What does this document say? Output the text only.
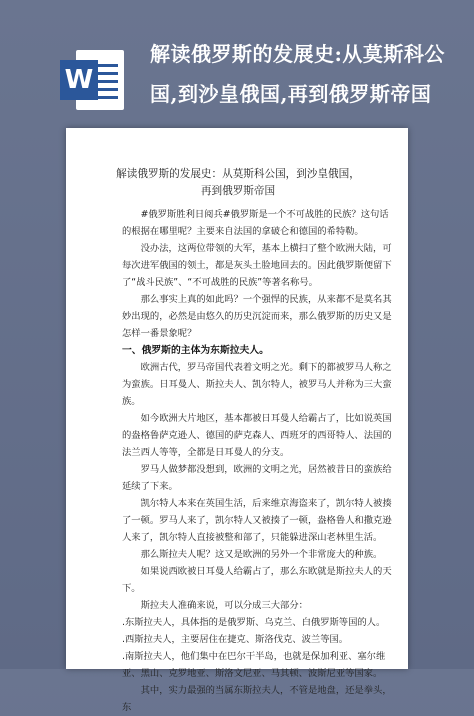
W
解读俄罗斯的发展史:从莫斯科公国,到沙皇俄国,再到俄罗斯帝国
解读俄罗斯的发展史：从莫斯科公国，到沙皇俄国，再到俄罗斯帝国

#俄罗斯胜利日阅兵#俄罗斯是一个不可战胜的民族？这句话的根据在哪里呢？主要来自法国的拿破仑和德国的希特勒。

没办法，这两位带领的大军，基本上横扫了整个欧洲大陆，可每次进军俄国的领土，都是灰头土脸地回去的。因此俄罗斯便留下了“战斗民族”、“不可战胜的民族”等著名称号。

那么事实上真的如此吗？一个强悍的民族，从来都不是莫名其妙出现的，必然是由悠久的历史沉淀而来，那么俄罗斯的历史又是怎样一番景象呢？

一、俄罗斯的主体为东斯拉夫人。

欧洲古代，罗马帝国代表着文明之光。剩下的都被罗马人称之为蛮族。日耳曼人、斯拉夫人、凯尔特人，被罗马人并称为三大蛮族。

如今欧洲大片地区，基本都被日耳曼人给霸占了，比如说英国的盎格鲁萨克逊人、德国的萨克森人、西班牙的西哥特人、法国的法兰西人等等，全都是日耳曼人的分支。

罗马人做梦都没想到，欧洲的文明之光，居然被昔日的蛮族给延续了下来。

凯尔特人本来在英国生活，后来维京海盗来了，凯尔特人被揍了一顿。罗马人来了，凯尔特人又被揍了一顿，盎格鲁人和撒克逊人来了，凯尔特人直接被整和部了，只能躲进深山老林里生活。

那么斯拉夫人呢？这又是欧洲的另外一个非常庞大的种族。

如果说西欧被日耳曼人给霸占了，那么东欧就是斯拉夫人的天下。

斯拉夫人准确来说，可以分成三大部分：

.东斯拉夫人，具体指的是俄罗斯、乌克兰、白俄罗斯等国的人。

.西斯拉夫人，主要居住在捷克、斯洛伐克、波兰等国。

.南斯拉夫人，他们集中在巴尔干半岛，也就是保加利亚、塞尔维亚、黑山、克罗地亚、斯洛文尼亚、马其顿、波斯尼亚等国家。

其中，实力最强的当属东斯拉夫人，不管是地盘，还是拳头，东
